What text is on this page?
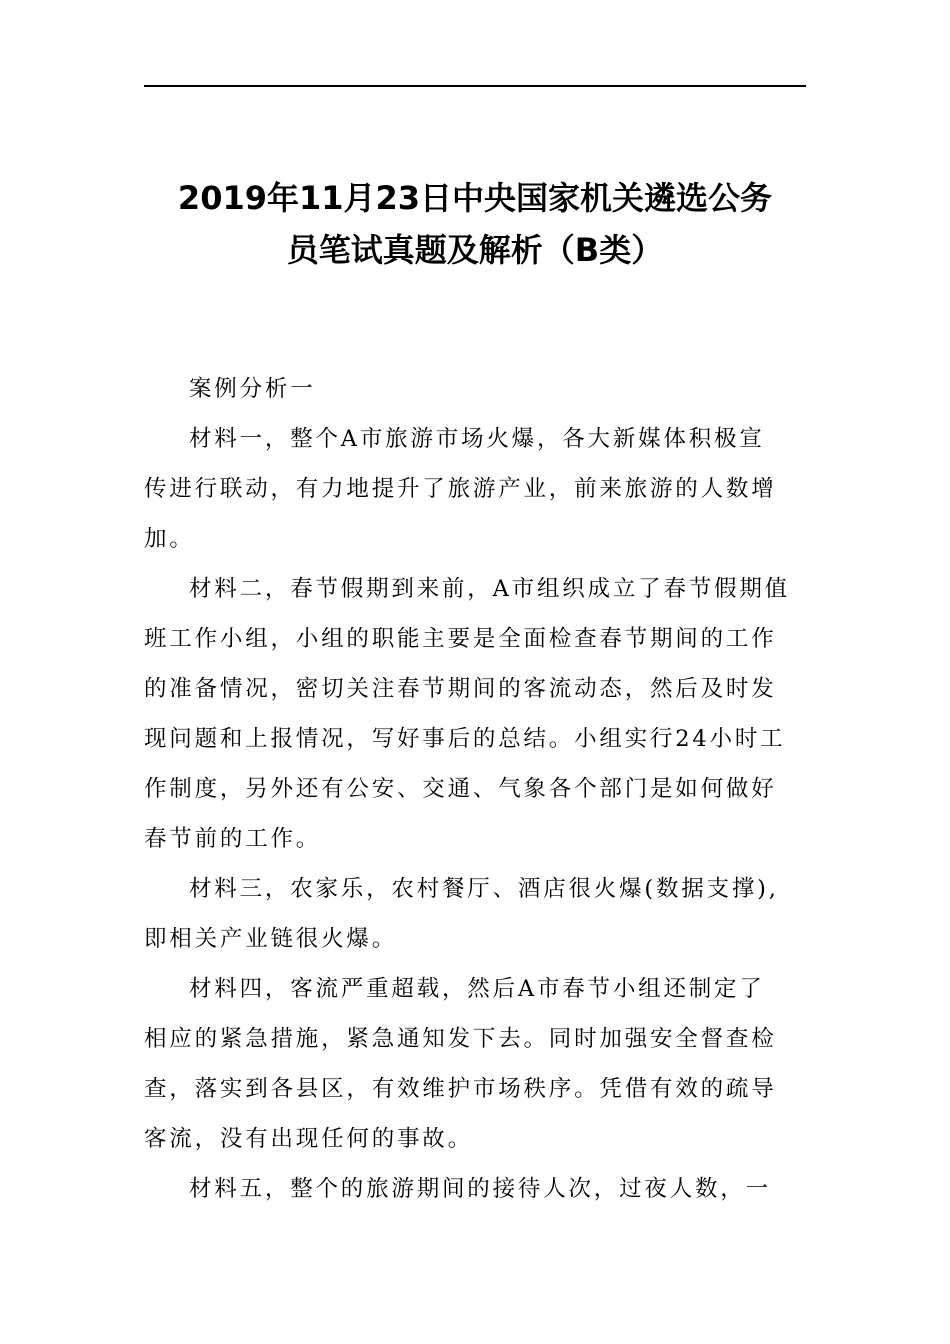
2019年11月23日中央国家机关遴选公务
员笔试真题及解析（B类）

案例分析一

材料一，整个A市旅游市场火爆，各大新媒体积极宣
传进行联动，有力地提升了旅游产业，前来旅游的人数增
加。

材料二，春节假期到来前，A市组织成立了春节假期值
班工作小组，小组的职能主要是全面检查春节期间的工作
的准备情况，密切关注春节期间的客流动态，然后及时发
现问题和上报情况，写好事后的总结。小组实行24小时工
作制度，另外还有公安、交通、气象各个部门是如何做好
春节前的工作。

材料三，农家乐，农村餐厅、酒店很火爆(数据支撑),
即相关产业链很火爆。

材料四，客流严重超载，然后A市春节小组还制定了
相应的紧急措施，紧急通知发下去。同时加强安全督查检
查，落实到各县区，有效维护市场秩序。凭借有效的疏导
客流，没有出现任何的事故。

材料五，整个的旅游期间的接待人次，过夜人数，一
